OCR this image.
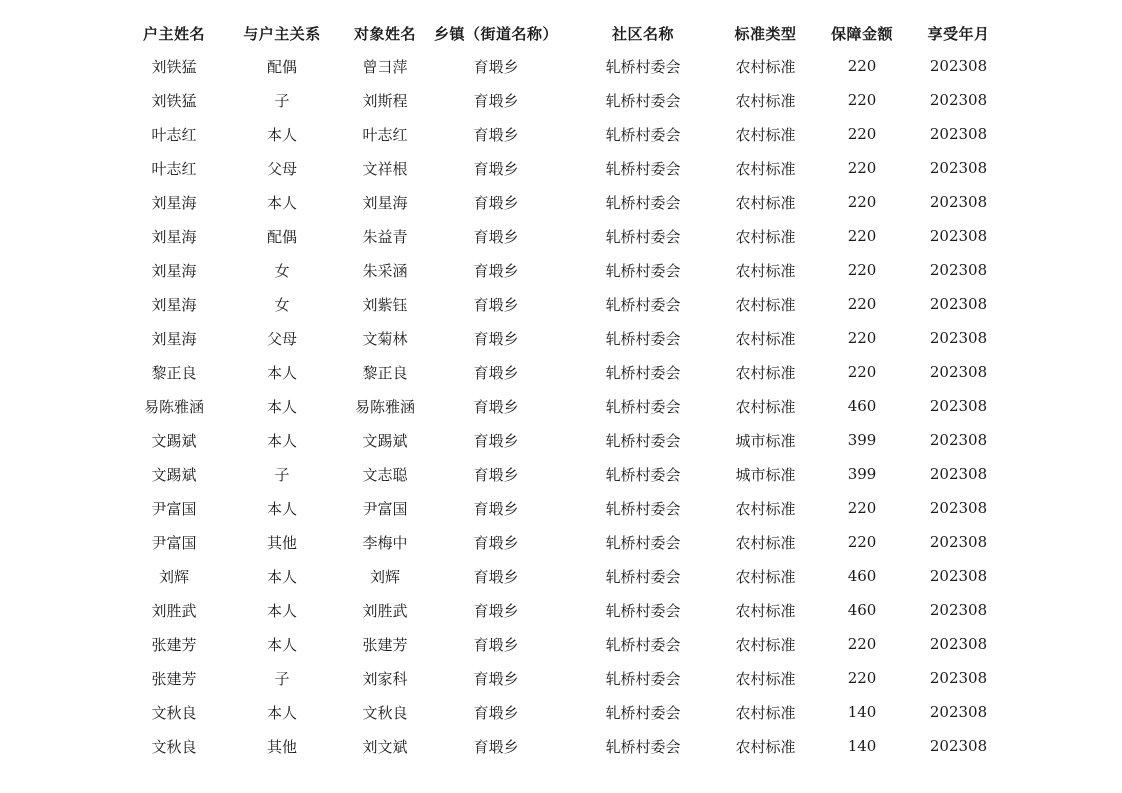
户主姓名	与户主关系	对象姓名	乡镇（街道名称）	社区名称	标准类型	保障金额	享受年月
刘铁猛	配偶	曾彐萍	育塅乡	轧桥村委会	农村标准	220	202308
刘铁猛	子	刘斯程	育塅乡	轧桥村委会	农村标准	220	202308
叶志红	本人	叶志红	育塅乡	轧桥村委会	农村标准	220	202308
叶志红	父母	文祥根	育塅乡	轧桥村委会	农村标准	220	202308
刘星海	本人	刘星海	育塅乡	轧桥村委会	农村标准	220	202308
刘星海	配偶	朱益青	育塅乡	轧桥村委会	农村标准	220	202308
刘星海	女	朱采涵	育塅乡	轧桥村委会	农村标准	220	202308
刘星海	女	刘紫钰	育塅乡	轧桥村委会	农村标准	220	202308
刘星海	父母	文菊林	育塅乡	轧桥村委会	农村标准	220	202308
黎正良	本人	黎正良	育塅乡	轧桥村委会	农村标准	220	202308
易陈雅涵	本人	易陈雅涵	育塅乡	轧桥村委会	农村标准	460	202308
文踢斌	本人	文踢斌	育塅乡	轧桥村委会	城市标准	399	202308
文踢斌	子	文志聪	育塅乡	轧桥村委会	城市标准	399	202308
尹富国	本人	尹富国	育塅乡	轧桥村委会	农村标准	220	202308
尹富国	其他	李梅中	育塅乡	轧桥村委会	农村标准	220	202308
刘辉	本人	刘辉	育塅乡	轧桥村委会	农村标准	460	202308
刘胜武	本人	刘胜武	育塅乡	轧桥村委会	农村标准	460	202308
张建芳	本人	张建芳	育塅乡	轧桥村委会	农村标准	220	202308
张建芳	子	刘家科	育塅乡	轧桥村委会	农村标准	220	202308
文秋良	本人	文秋良	育塅乡	轧桥村委会	农村标准	140	202308
文秋良	其他	刘文斌	育塅乡	轧桥村委会	农村标准	140	202308
